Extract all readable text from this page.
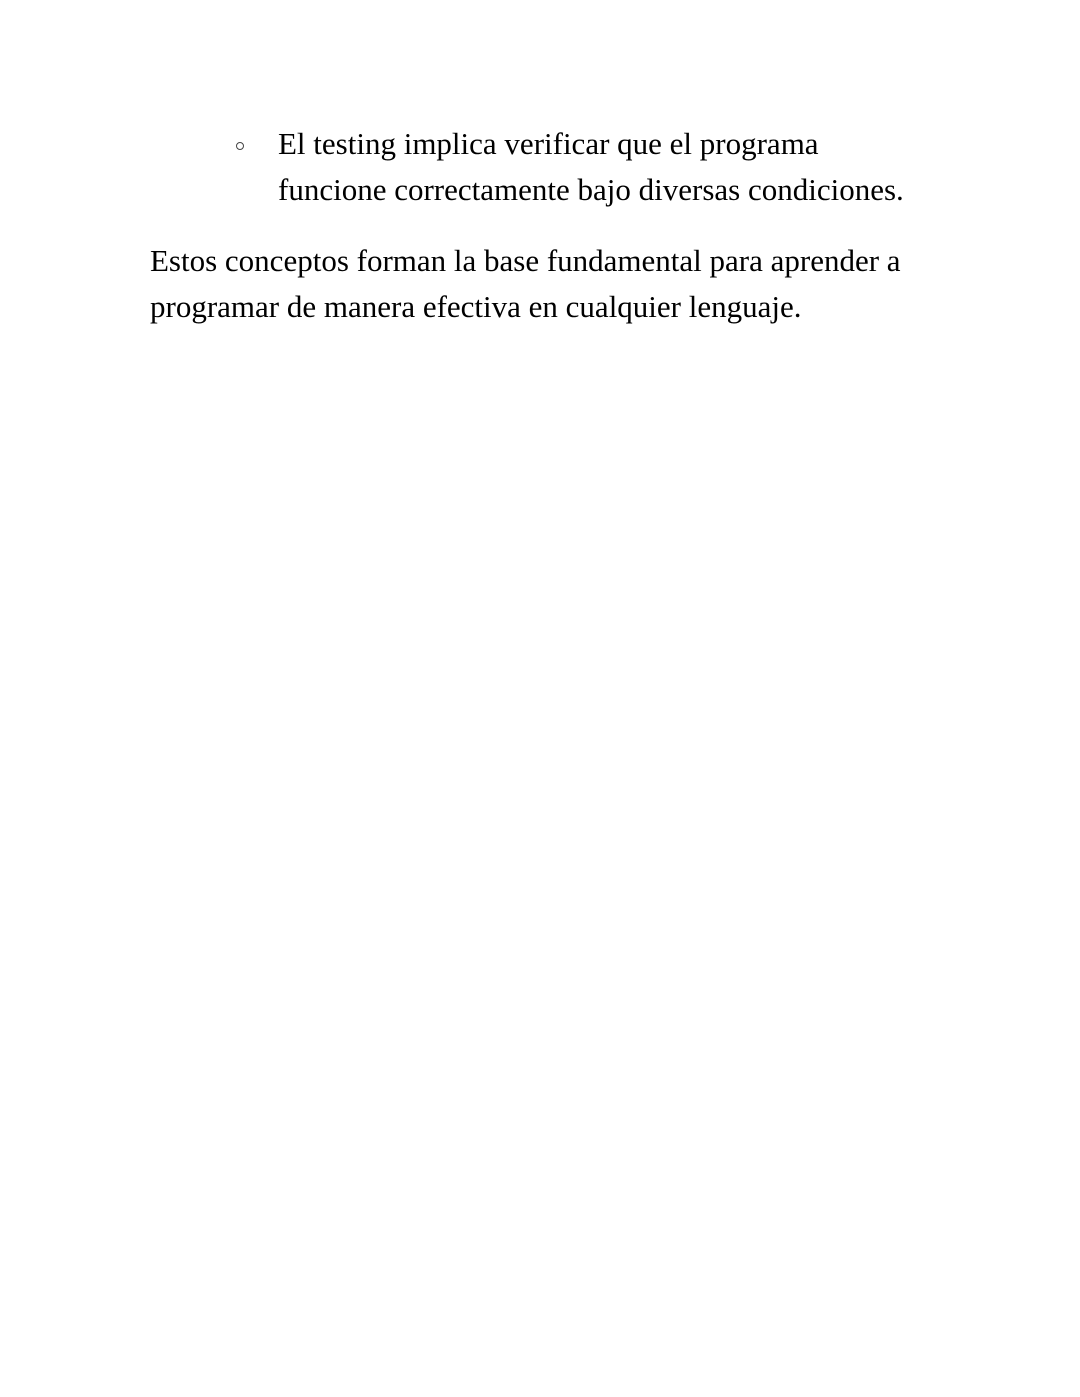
El testing implica verificar que el programa
funcione correctamente bajo diversas condiciones.

Estos conceptos forman la base fundamental para aprender a
programar de manera efectiva en cualquier lenguaje.
